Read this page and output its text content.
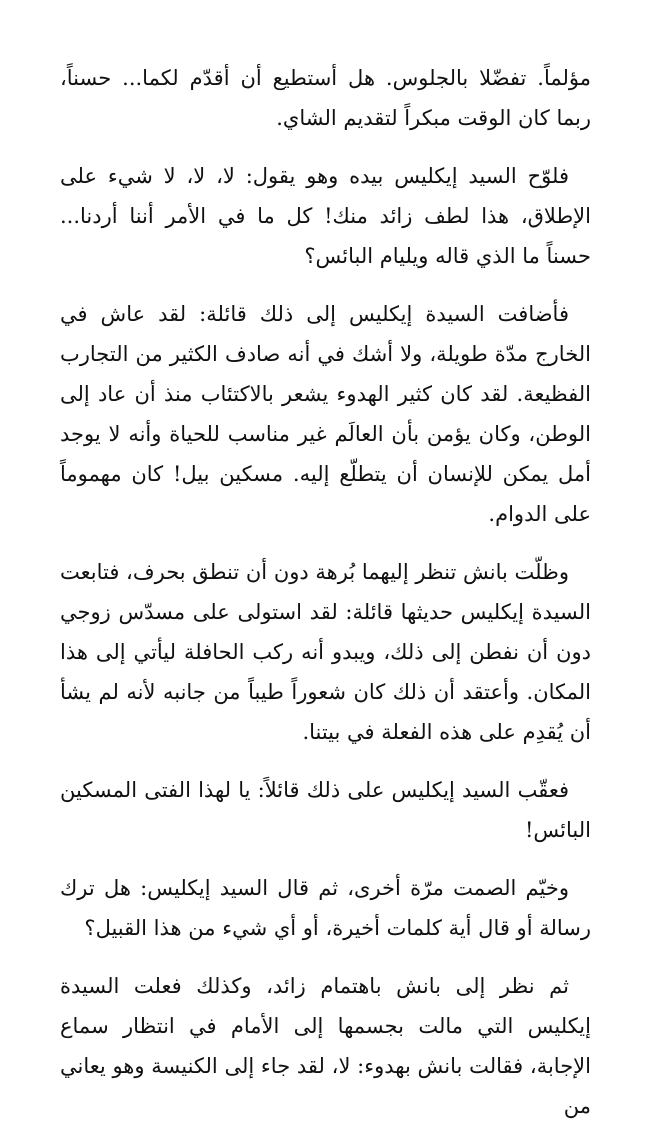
مؤلماً. تفضّلا بالجلوس. هل أستطيع أن أقدّم لكما... حسناً، ربما كان الوقت مبكراً لتقديم الشاي.

فلوّح السيد إيكليس بيده وهو يقول: لا، لا، لا شيء على الإطلاق، هذا لطف زائد منك! كل ما في الأمر أننا أردنا... حسناً ما الذي قاله ويليام البائس؟

فأضافت السيدة إيكليس إلى ذلك قائلة: لقد عاش في الخارج مدّة طويلة، ولا أشك في أنه صادف الكثير من التجارب الفظيعة. لقد كان كثير الهدوء يشعر بالاكتئاب منذ أن عاد إلى الوطن، وكان يؤمن بأن العالَم غير مناسب للحياة وأنه لا يوجد أمل يمكن للإنسان أن يتطلّع إليه. مسكين بيل! كان مهموماً على الدوام.

وظلّت بانش تنظر إليهما بُرهة دون أن تنطق بحرف، فتابعت السيدة إيكليس حديثها قائلة: لقد استولى على مسدّس زوجي دون أن نفطن إلى ذلك، ويبدو أنه ركب الحافلة ليأتي إلى هذا المكان. وأعتقد أن ذلك كان شعوراً طيباً من جانبه لأنه لم يشأ أن يُقدِم على هذه الفعلة في بيتنا.

فعقّب السيد إيكليس على ذلك قائلاً: يا لهذا الفتى المسكين البائس!

وخيّم الصمت مرّة أخرى، ثم قال السيد إيكليس: هل ترك رسالة أو قال أية كلمات أخيرة، أو أي شيء من هذا القبيل؟

ثم نظر إلى بانش باهتمام زائد، وكذلك فعلت السيدة إيكليس التي مالت بجسمها إلى الأمام في انتظار سماع الإجابة، فقالت بانش بهدوء: لا، لقد جاء إلى الكنيسة وهو يعاني من
